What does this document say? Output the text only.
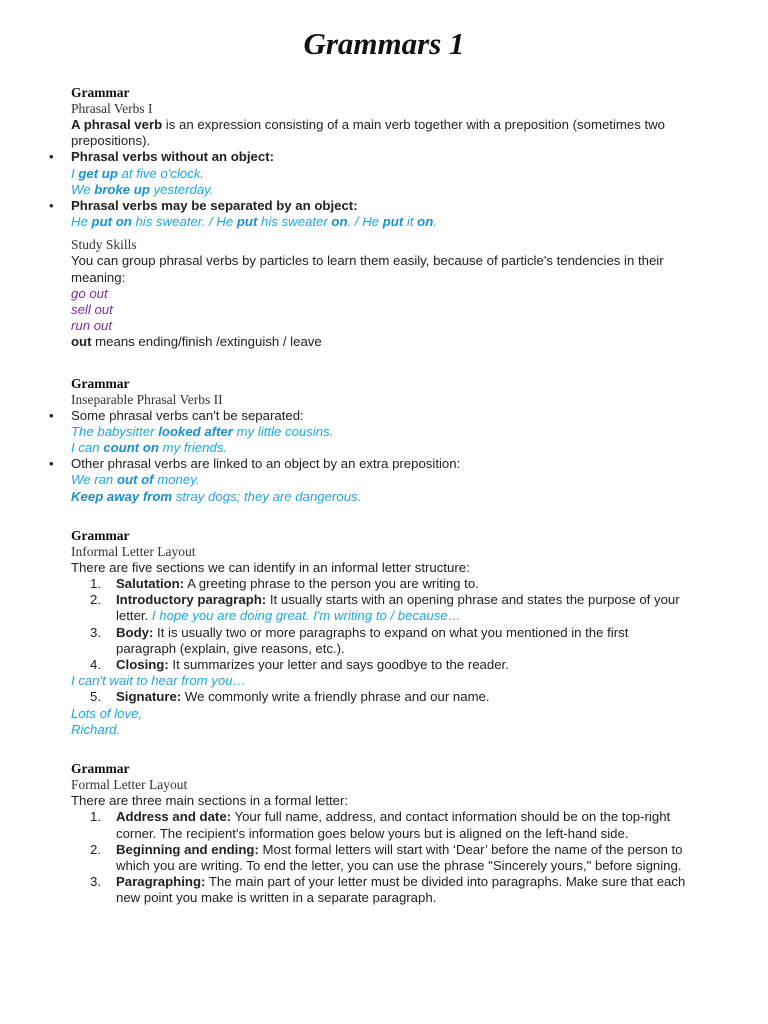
Grammars 1
Grammar
Phrasal Verbs I

A phrasal verb is an expression consisting of a main verb together with a preposition (sometimes two prepositions).

• Phrasal verbs without an object:
I get up at five o'clock.
We broke up yesterday.
• Phrasal verbs may be separated by an object:
He put on his sweater. / He put his sweater on. / He put it on.
Study Skills

You can group phrasal verbs by particles to learn them easily, because of particle's tendencies in their meaning:

go out
sell out
run out

out means ending/finish /extinguish / leave

Grammar
Inseparable Phrasal Verbs II
• Some phrasal verbs can't be separated:
The babysitter looked after my little cousins.
I can count on my friends.
• Other phrasal verbs are linked to an object by an extra preposition:
We ran out of money.
Keep away from stray dogs; they are dangerous.
Grammar
Informal Letter Layout

There are five sections we can identify in an informal letter structure:

1.	Salutation: A greeting phrase to the person you are writing to.
2.	Introductory paragraph: It usually starts with an opening phrase and states the purpose of your letter. I hope you are doing great. I'm writing to / because…
3.	Body: It is usually two or more paragraphs to expand on what you mentioned in the first paragraph (explain, give reasons, etc.).
4.	Closing: It summarizes your letter and says goodbye to the reader.
I can't wait to hear from you…
5.	Signature: We commonly write a friendly phrase and our name.
Lots of love,
Richard.
Grammar
Formal Letter Layout

There are three main sections in a formal letter:

1.	Address and date: Your full name, address, and contact information should be on the top-right corner. The recipient's information goes below yours but is aligned on the left-hand side.
2.	Beginning and ending: Most formal letters will start with ‘Dear’ before the name of the person to which you are writing. To end the letter, you can use the phrase "Sincerely yours," before signing.
3.	Paragraphing: The main part of your letter must be divided into paragraphs. Make sure that each new point you make is written in a separate paragraph.
